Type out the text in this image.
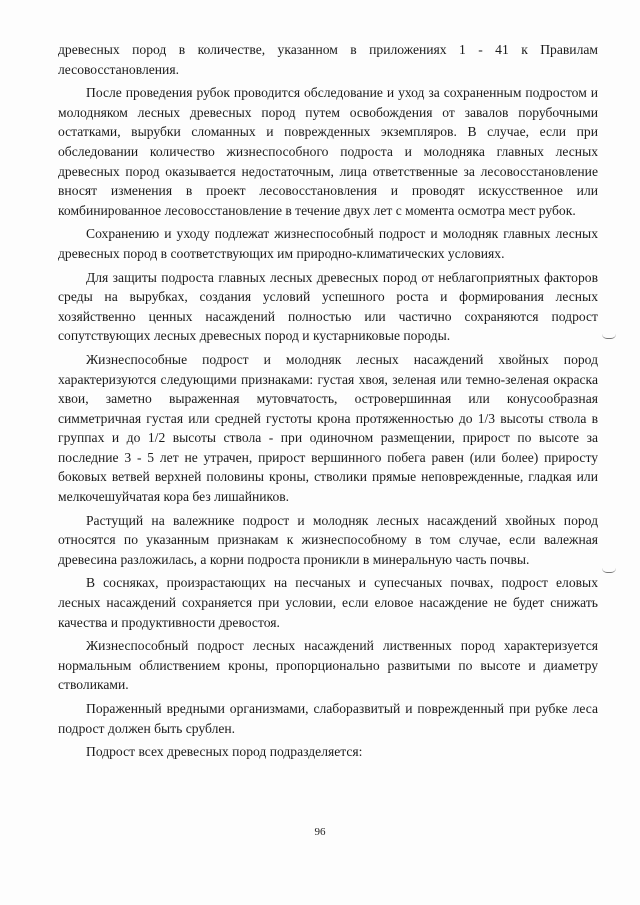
древесных пород в количестве, указанном в приложениях 1 - 41 к Правилам лесовосстановления.

После проведения рубок проводится обследование и уход за сохраненным подростом и молодняком лесных древесных пород путем освобождения от завалов порубочными остатками, вырубки сломанных и поврежденных экземпляров. В случае, если при обследовании количество жизнеспособного подроста и молодняка главных лесных древесных пород оказывается недостаточным, лица ответственные за лесовосстановление вносят изменения в проект лесовосстановления и проводят искусственное или комбинированное лесовосстановление в течение двух лет с момента осмотра мест рубок.

Сохранению и уходу подлежат жизнеспособный подрост и молодняк главных лесных древесных пород в соответствующих им природно-климатических условиях.

Для защиты подроста главных лесных древесных пород от неблагоприятных факторов среды на вырубках, создания условий успешного роста и формирования лесных хозяйственно ценных насаждений полностью или частично сохраняются подрост сопутствующих лесных древесных пород и кустарниковые породы.

Жизнеспособные подрост и молодняк лесных насаждений хвойных пород характеризуются следующими признаками: густая хвоя, зеленая или темно-зеленая окраска хвои, заметно выраженная мутовчатость, островершинная или конусообразная симметричная густая или средней густоты крона протяженностью до 1/3 высоты ствола в группах и до 1/2 высоты ствола - при одиночном размещении, прирост по высоте за последние 3 - 5 лет не утрачен, прирост вершинного побега равен (или более) приросту боковых ветвей верхней половины кроны, стволики прямые неповрежденные, гладкая или мелкочешуйчатая кора без лишайников.

Растущий на валежнике подрост и молодняк лесных насаждений хвойных пород относятся по указанным признакам к жизнеспособному в том случае, если валежная древесина разложилась, а корни подроста проникли в минеральную часть почвы.

В сосняках, произрастающих на песчаных и супесчаных почвах, подрост еловых лесных насаждений сохраняется при условии, если еловое насаждение не будет снижать качества и продуктивности древостоя.

Жизнеспособный подрост лесных насаждений лиственных пород характеризуется нормальным облиствением кроны, пропорционально развитыми по высоте и диаметру стволиками.

Пораженный вредными организмами, слаборазвитый и поврежденный при рубке леса подрост должен быть срублен.

Подрост всех древесных пород подразделяется:

96
